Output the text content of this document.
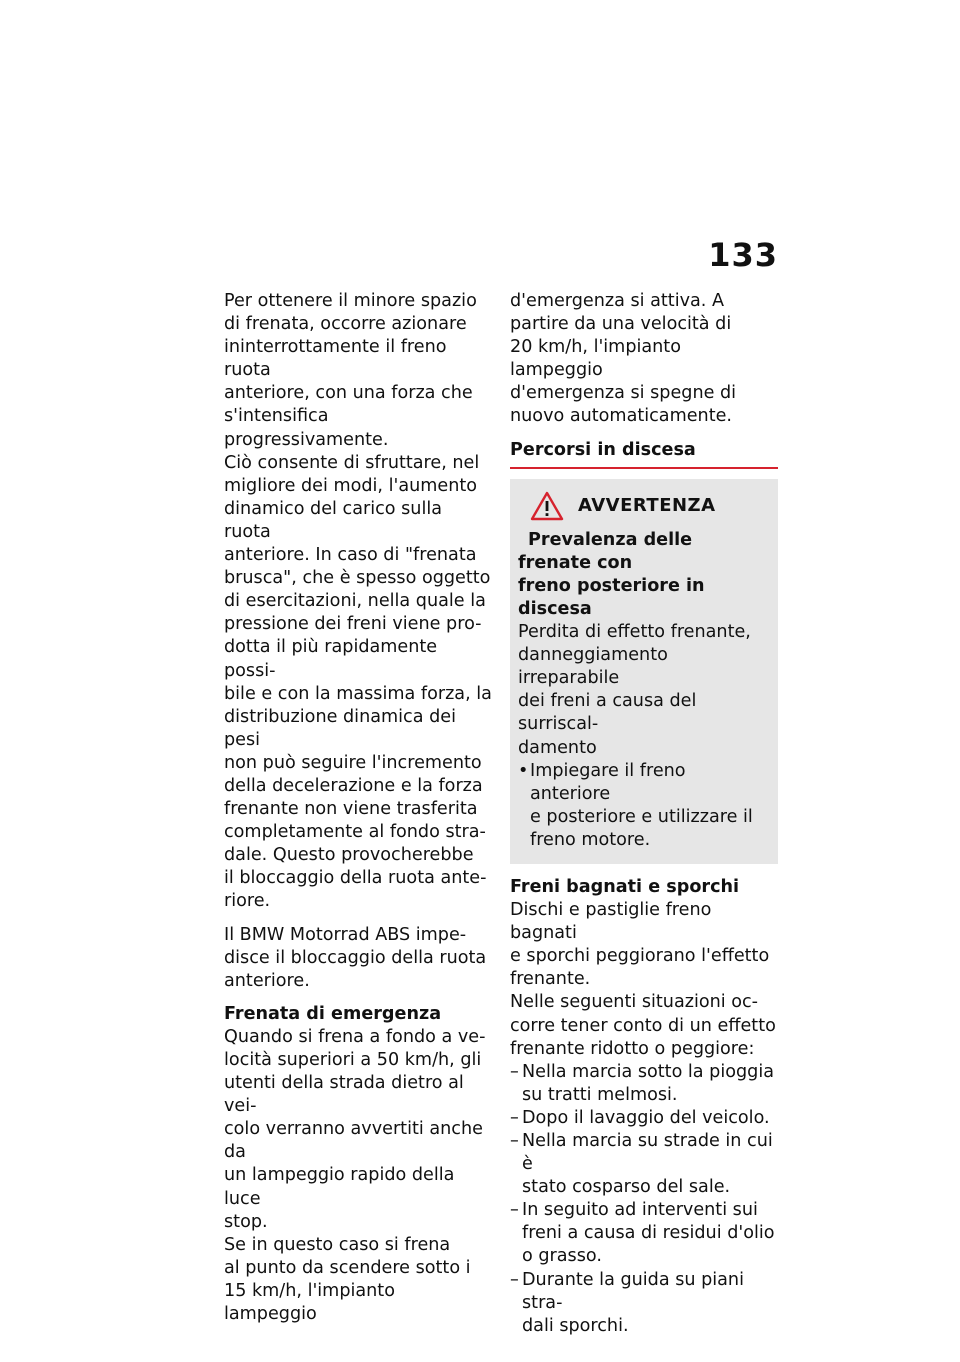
133

Per ottenere il minore spazio
di frenata, occorre azionare
ininterrottamente il freno ruota
anteriore, con una forza che
s'intensifica progressivamente.
Ciò consente di sfruttare, nel
migliore dei modi, l'aumento
dinamico del carico sulla ruota
anteriore. In caso di "frenata
brusca", che è spesso oggetto
di esercitazioni, nella quale la
pressione dei freni viene pro-
dotta il più rapidamente possi-
bile e con la massima forza, la
distribuzione dinamica dei pesi
non può seguire l'incremento
della decelerazione e la forza
frenante non viene trasferita
completamente al fondo stra-
dale. Questo provocherebbe
il bloccaggio della ruota ante-
riore.

Il BMW Motorrad ABS impe-
disce il bloccaggio della ruota
anteriore.

Frenata di emergenza

Quando si frena a fondo a ve-
locità superiori a 50 km/h, gli
utenti della strada dietro al vei-
colo verranno avvertiti anche da
un lampeggio rapido della luce
stop.

Se in questo caso si frena
al punto da scendere sotto i
15 km/h, l'impianto lampeggio

d'emergenza si attiva. A
partire da una velocità di
20 km/h, l'impianto lampeggio
d'emergenza si spegne di
nuovo automaticamente.

Percorsi in discesa

AVVERTENZA

Prevalenza delle frenate con
freno posteriore in discesa

Perdita di effetto frenante,
danneggiamento irreparabile
dei freni a causa del surriscal-
damento

• Impiegare il freno anteriore
e posteriore e utilizzare il
freno motore.

Freni bagnati e sporchi

Dischi e pastiglie freno bagnati
e sporchi peggiorano l'effetto
frenante.

Nelle seguenti situazioni oc-
corre tener conto di un effetto
frenante ridotto o peggiore:

– Nella marcia sotto la pioggia
su tratti melmosi.
– Dopo il lavaggio del veicolo.
– Nella marcia su strade in cui è
stato cosparso del sale.
– In seguito ad interventi sui
freni a causa di residui d'olio
o grasso.
– Durante la guida su piani stra-
dali sporchi.
